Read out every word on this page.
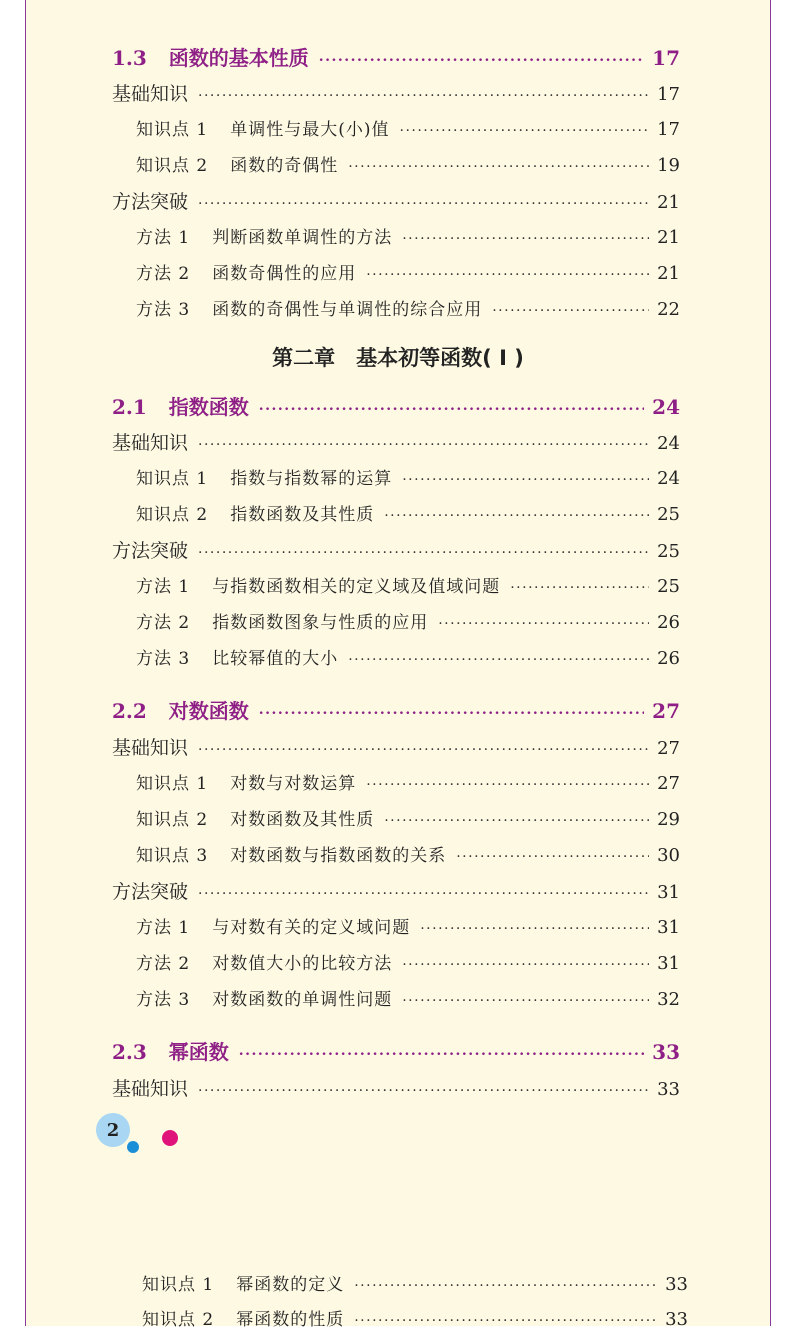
1.3 函数的基本性质 .....	17
基础知识 .....	17
知识点 1 单调性与最大(小)值 .....	17
知识点 2 函数的奇偶性 .....	19
方法突破 .....	21
方法 1 判断函数单调性的方法 .....	21
方法 2 函数奇偶性的应用 .....	21
方法 3 函数的奇偶性与单调性的综合应用 .....	22
第二章　基本初等函数( Ⅰ )
2.1 指数函数 .....	24
基础知识 .....	24
知识点 1 指数与指数幂的运算 .....	24
知识点 2 指数函数及其性质 .....	25
方法突破 .....	25
方法 1 与指数函数相关的定义域及值域问题 .....	25
方法 2 指数函数图象与性质的应用 .....	26
方法 3 比较幂值的大小 .....	26
2.2 对数函数 .....	27
基础知识 .....	27
知识点 1 对数与对数运算 .....	27
知识点 2 对数函数及其性质 .....	29
知识点 3 对数函数与指数函数的关系 .....	30
方法突破 .....	31
方法 1 与对数有关的定义域问题 .....	31
方法 2 对数值大小的比较方法 .....	31
方法 3 对数函数的单调性问题 .....	32
2.3 幂函数 .....	33
基础知识 .....	33
知识点 1 幂函数的定义 .....	33
知识点 2 幂函数的性质 .....	33
2
